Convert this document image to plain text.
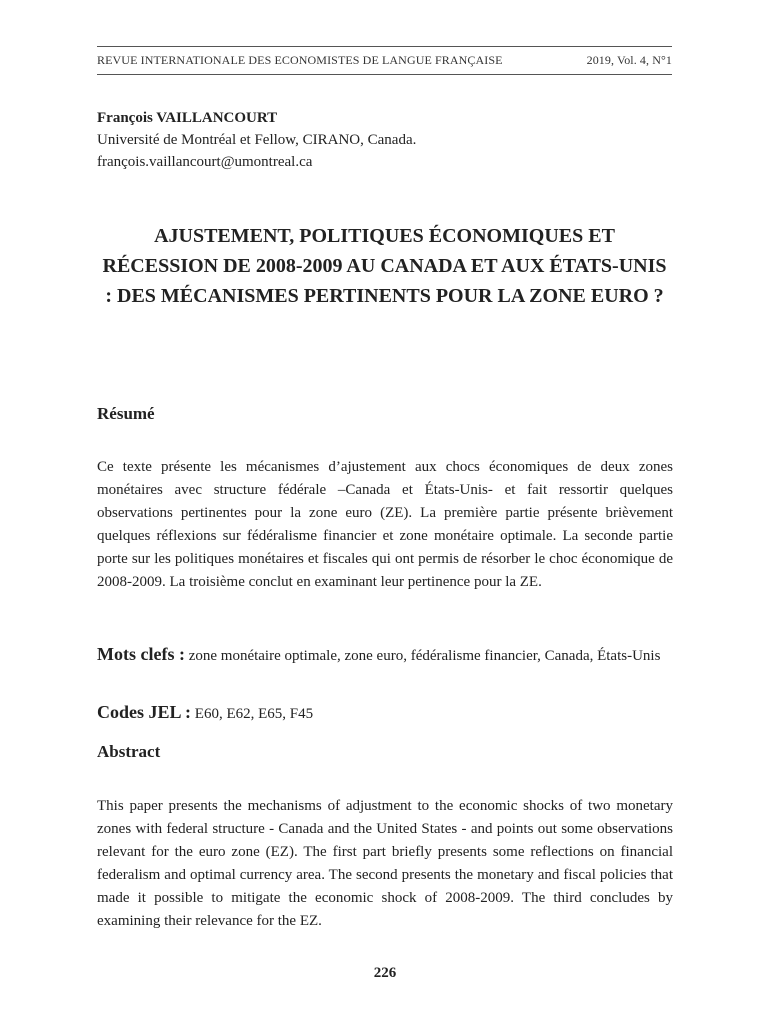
REVUE INTERNATIONALE DES ECONOMISTES DE LANGUE FRANÇAISE	2019, Vol. 4, N°1
François VAILLANCOURT
Université de Montréal et Fellow, CIRANO, Canada.
françois.vaillancourt@umontreal.ca
AJUSTEMENT, POLITIQUES ÉCONOMIQUES ET RÉCESSION DE 2008-2009 AU CANADA ET AUX ÉTATS-UNIS : DES MÉCANISMES PERTINENTS POUR LA ZONE EURO ?
Résumé
Ce texte présente les mécanismes d’ajustement aux chocs économiques de deux zones monétaires avec structure fédérale –Canada et États-Unis- et fait ressortir quelques observations pertinentes pour la zone euro (ZE). La première partie présente brièvement quelques réflexions sur fédéralisme financier et zone monétaire optimale. La seconde partie porte sur les politiques monétaires et fiscales qui ont permis de résorber le choc économique de 2008-2009. La troisième conclut en examinant leur pertinence pour la ZE.
Mots clefs : zone monétaire optimale, zone euro, fédéralisme financier, Canada, États-Unis
Codes JEL : E60, E62, E65, F45
Abstract
This paper presents the mechanisms of adjustment to the economic shocks of two monetary zones with federal structure - Canada and the United States - and points out some observations relevant for the euro zone (EZ). The first part briefly presents some reflections on financial federalism and optimal currency area. The second presents the monetary and fiscal policies that made it possible to mitigate the economic shock of 2008-2009. The third concludes by examining their relevance for the EZ.
226
